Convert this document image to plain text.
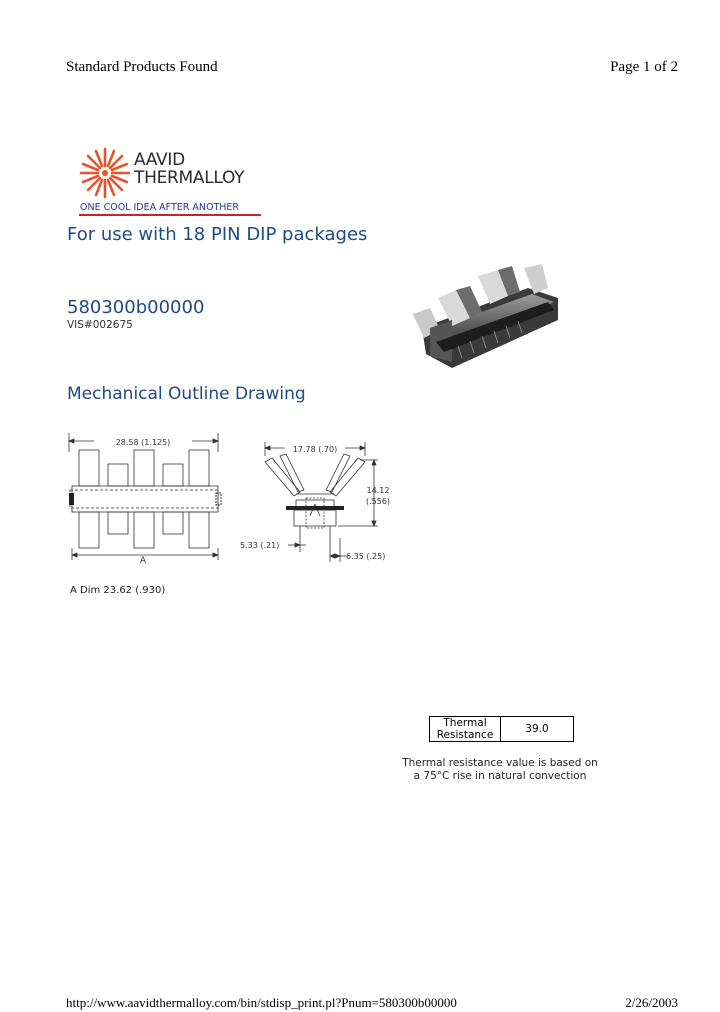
Standard Products Found	Page 1 of 2
AAVID
THERMALLOY
ONE COOL IDEA AFTER ANOTHER
For use with 18 PIN DIP packages
580300b00000
VIS#002675
Mechanical Outline Drawing
28.58 (1.125)
A
17.78 (.70)
14.12
(.556)
5.33 (.21)
6.35 (.25)
A Dim 23.62 (.930)
Thermal
Resistance	39.0
Thermal resistance value is based on
a 75°C rise in natural convection
http://www.aavidthermalloy.com/bin/stdisp_print.pl?Pnum=580300b00000	2/26/2003
